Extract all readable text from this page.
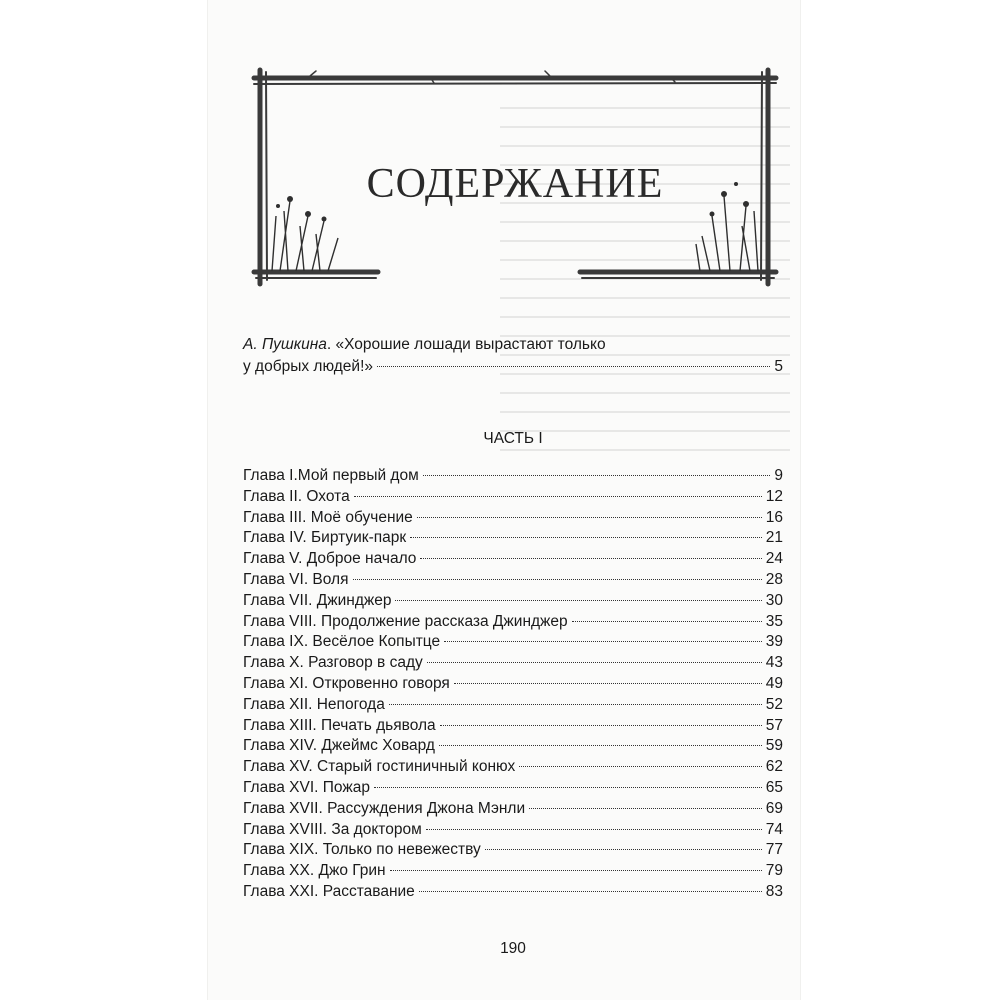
СОДЕРЖАНИЕ
А. Пушкина. «Хорошие лошади вырастают только
у добрых людей!»	5
ЧАСТЬ I
Глава I.Мой первый дом	9
Глава II. Охота	12
Глава III. Моё обучение	16
Глава IV. Биртуик-парк	21
Глава V. Доброе начало	24
Глава VI. Воля	28
Глава VII. Джинджер	30
Глава VIII. Продолжение рассказа Джинджер	35
Глава IX. Весёлое Копытце	39
Глава X. Разговор в саду	43
Глава XI. Откровенно говоря	49
Глава XII. Непогода	52
Глава XIII. Печать дьявола	57
Глава XIV. Джеймс Ховард	59
Глава XV. Старый гостиничный конюх	62
Глава XVI. Пожар	65
Глава XVII. Рассуждения Джона Мэнли	69
Глава XVIII. За доктором	74
Глава XIX. Только по невежеству	77
Глава XX. Джо Грин	79
Глава XXI. Расставание	83
190
